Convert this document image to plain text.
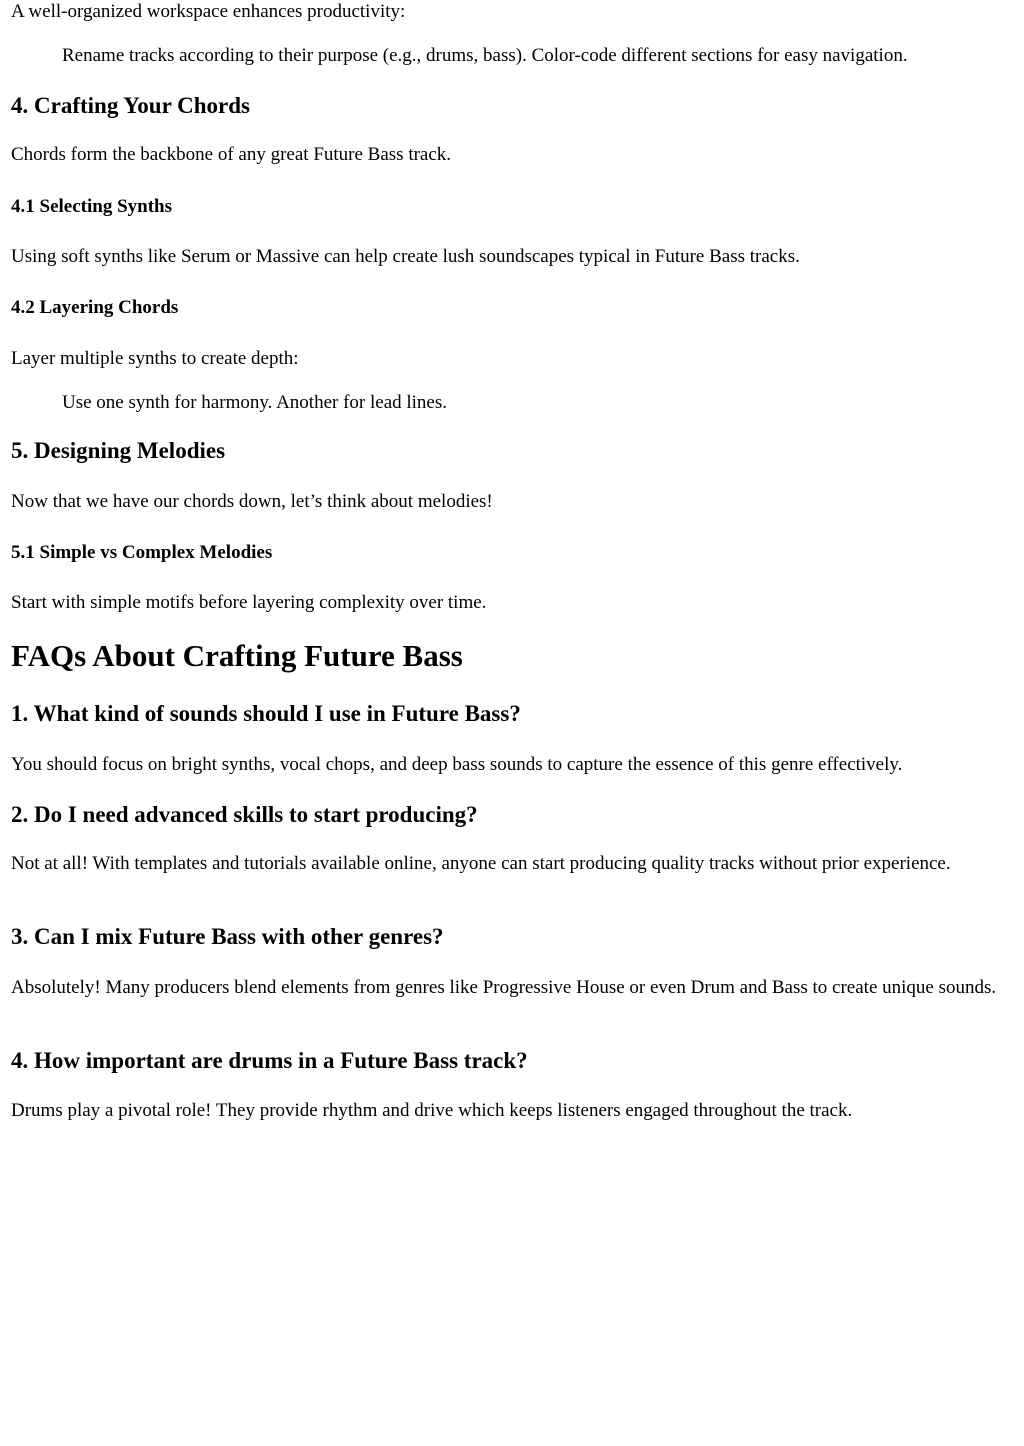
A well-organized workspace enhances productivity:

Rename tracks according to their purpose (e.g., drums, bass). Color-code different sections for easy navigation.

4. Crafting Your Chords

Chords form the backbone of any great Future Bass track.

4.1 Selecting Synths

Using soft synths like Serum or Massive can help create lush soundscapes typical in Future Bass tracks.

4.2 Layering Chords

Layer multiple synths to create depth:

Use one synth for harmony. Another for lead lines.

5. Designing Melodies

Now that we have our chords down, let’s think about melodies!

5.1 Simple vs Complex Melodies

Start with simple motifs before layering complexity over time.

FAQs About Crafting Future Bass
1. What kind of sounds should I use in Future Bass?

You should focus on bright synths, vocal chops, and deep bass sounds to capture the essence of this genre effectively.

2. Do I need advanced skills to start producing?

Not at all! With templates and tutorials available online, anyone can start producing quality tracks without prior experience.

3. Can I mix Future Bass with other genres?

Absolutely! Many producers blend elements from genres like Progressive House or even Drum and Bass to create unique sounds.

4. How important are drums in a Future Bass track?

Drums play a pivotal role! They provide rhythm and drive which keeps listeners engaged throughout the track.
